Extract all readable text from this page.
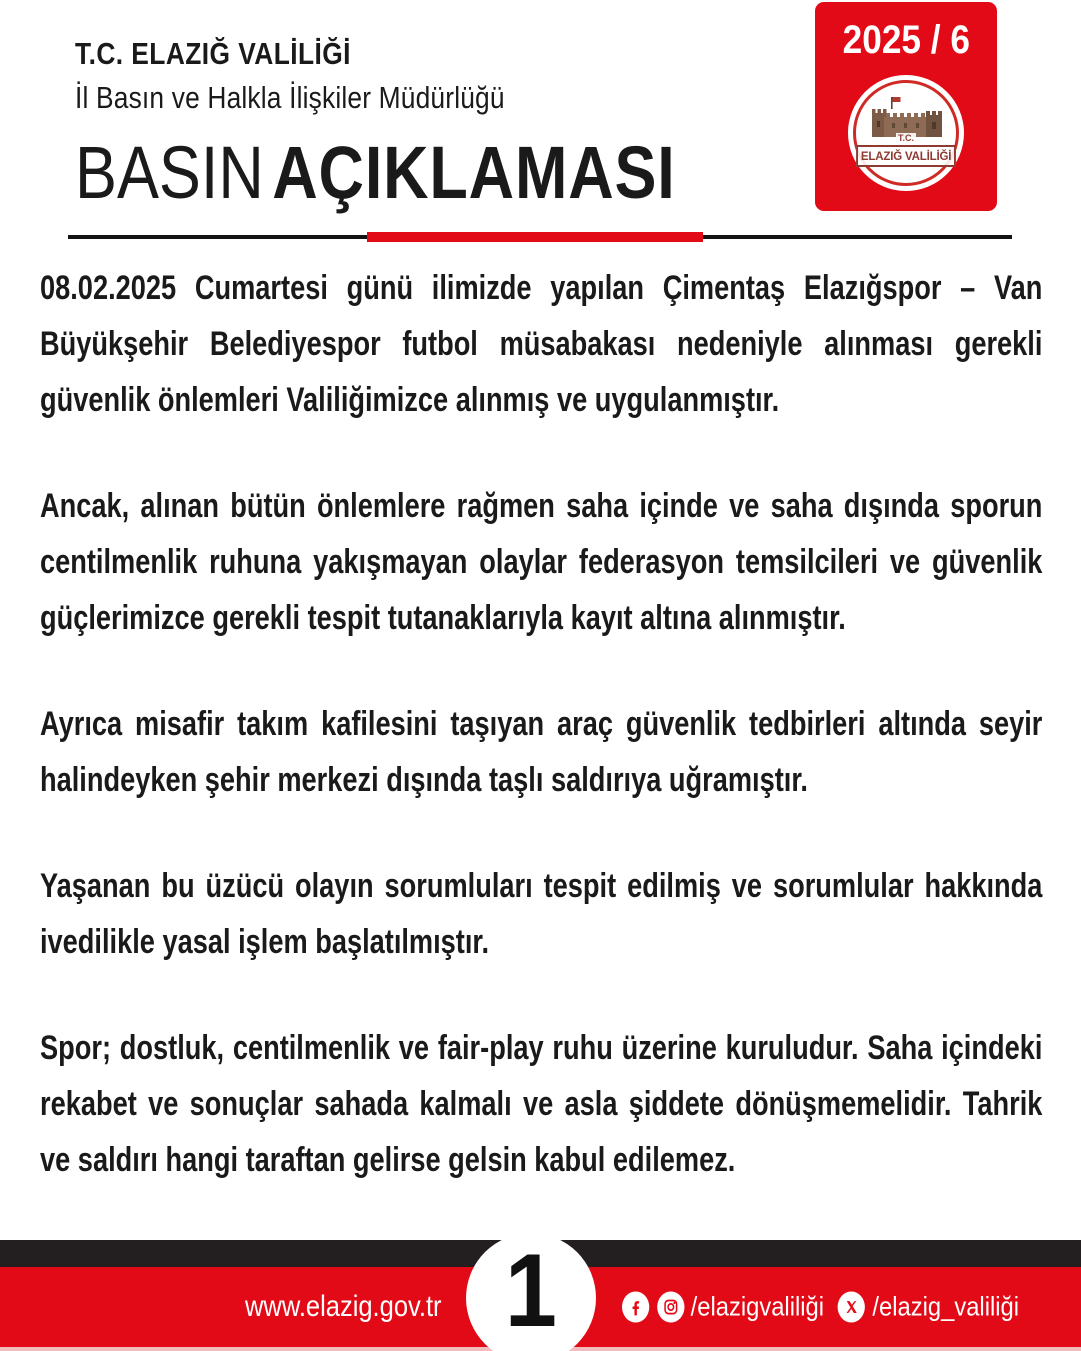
T.C. ELAZIĞ VALİLİĞİ
İl Basın ve Halkla İlişkiler Müdürlüğü
BASIN AÇIKLAMASI
2025 / 6
T.C.
ELAZIĞ VALİLİĞİ

08.02.2025 Cumartesi günü ilimizde yapılan Çimentaş Elazığspor – Van Büyükşehir Belediyespor futbol müsabakası nedeniyle alınması gerekli güvenlik önlemleri Valiliğimizce alınmış ve uygulanmıştır.

Ancak, alınan bütün önlemlere rağmen saha içinde ve saha dışında sporun centilmenlik ruhuna yakışmayan olaylar federasyon temsilcileri ve güvenlik güçlerimizce gerekli tespit tutanaklarıyla kayıt altına alınmıştır.

Ayrıca misafir takım kafilesini taşıyan araç güvenlik tedbirleri altında seyir halindeyken şehir merkezi dışında taşlı saldırıya uğramıştır.

Yaşanan bu üzücü olayın sorumluları tespit edilmiş ve sorumlular hakkında ivedilikle yasal işlem başlatılmıştır.

Spor; dostluk, centilmenlik ve fair-play ruhu üzerine kuruludur. Saha içindeki rekabet ve sonuçlar sahada kalmalı ve asla şiddete dönüşmemelidir. Tahrik ve saldırı hangi taraftan gelirse gelsin kabul edilemez.

www.elazig.gov.tr	/elazigvaliliği /elazig_valiliği
1
